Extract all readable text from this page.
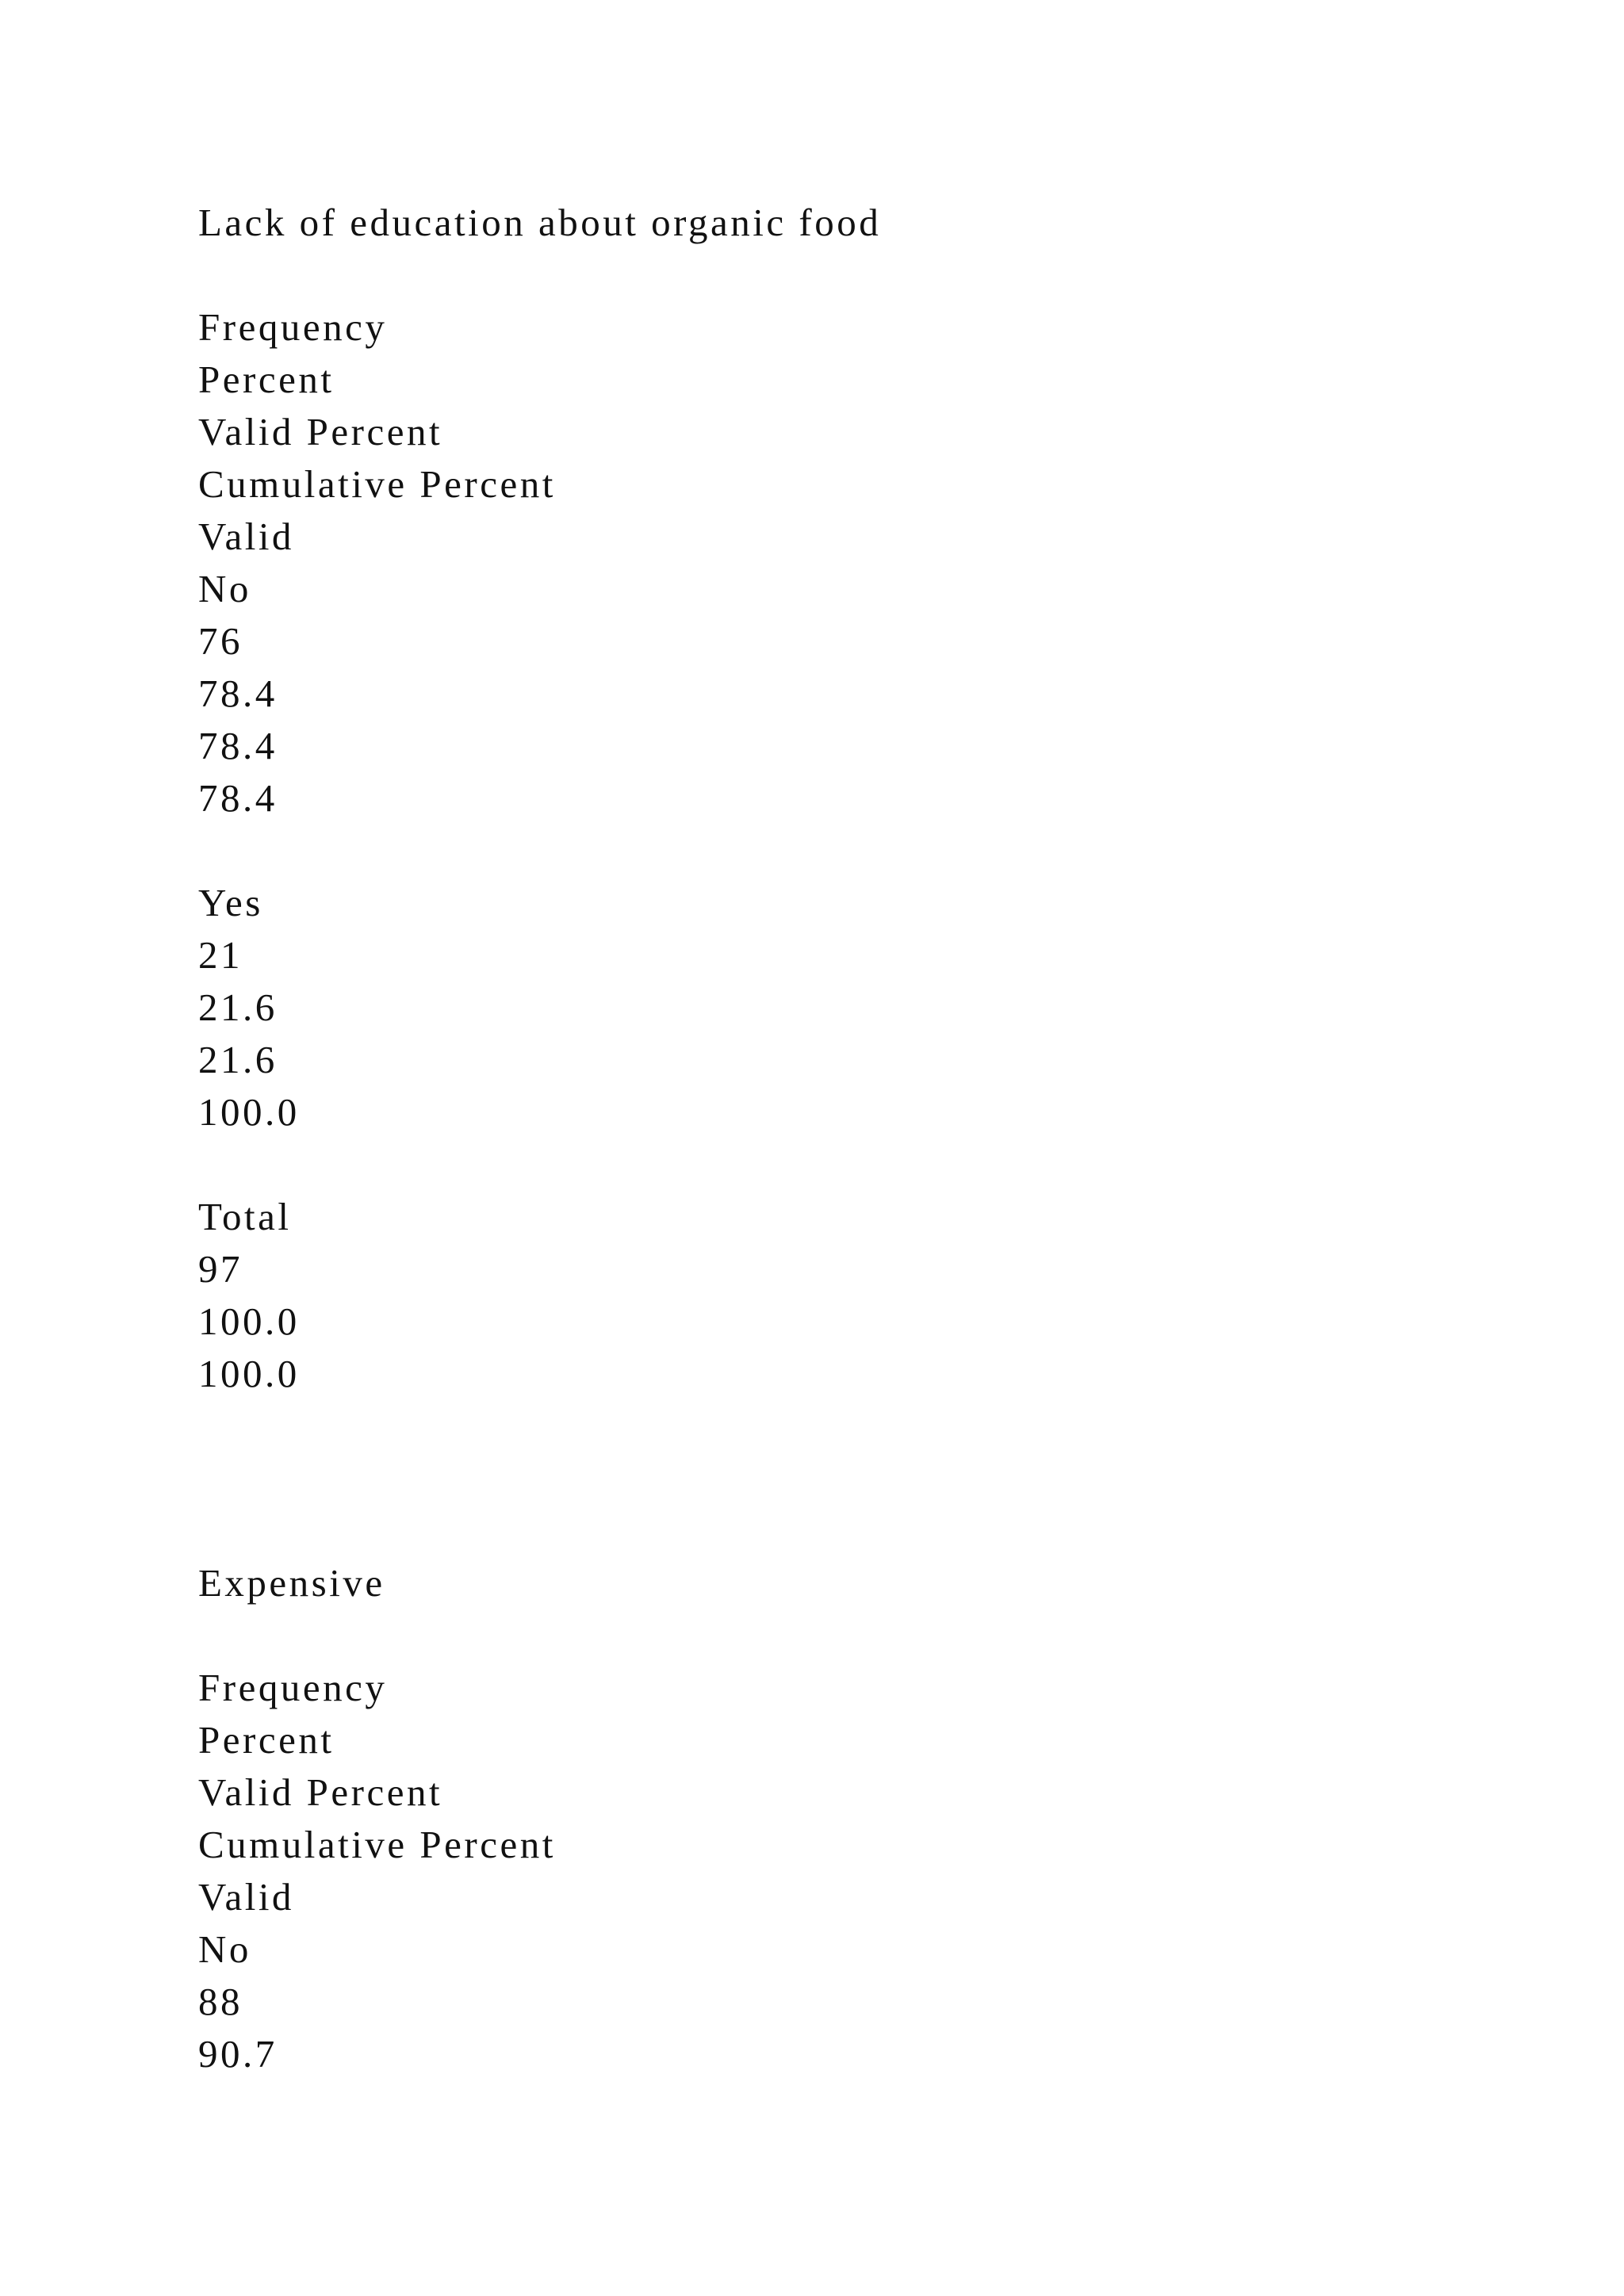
Lack of education about organic food

Frequency

Percent

Valid Percent

Cumulative Percent

Valid

No

76

78.4

78.4

78.4

Yes

21

21.6

21.6

100.0

Total

97

100.0

100.0

Expensive

Frequency

Percent

Valid Percent

Cumulative Percent

Valid

No

88

90.7
